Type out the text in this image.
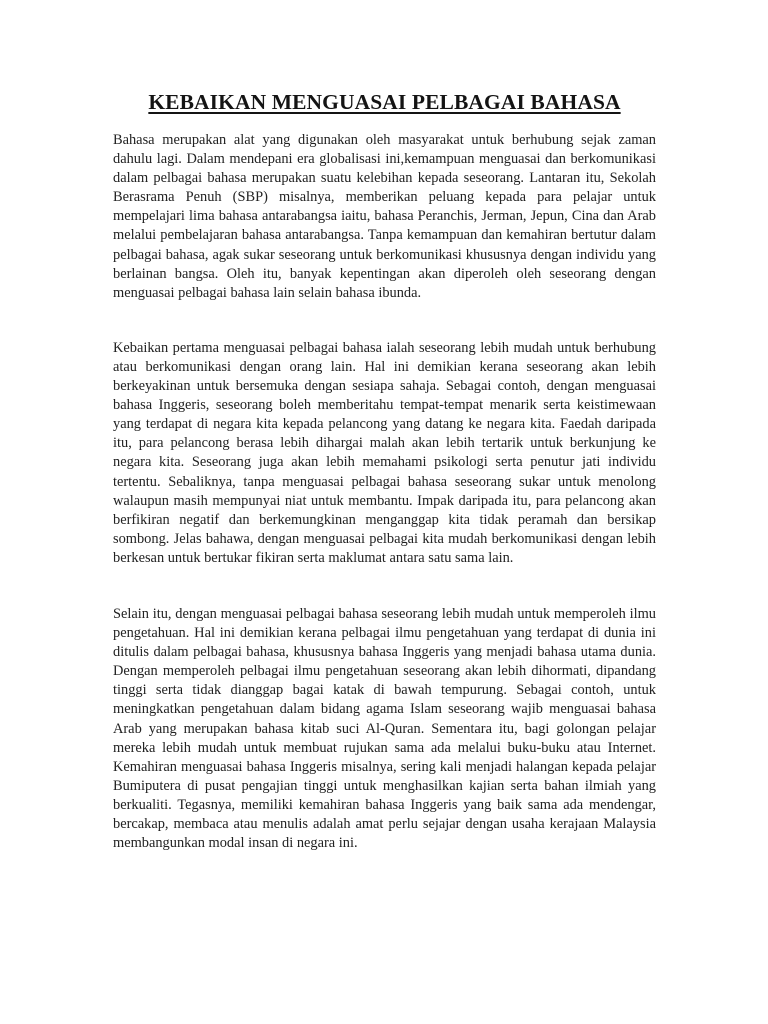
KEBAIKAN MENGUASAI PELBAGAI BAHASA

Bahasa merupakan alat yang digunakan oleh masyarakat untuk berhubung sejak zaman dahulu lagi. Dalam mendepani era globalisasi ini,kemampuan menguasai dan berkomunikasi dalam pelbagai bahasa merupakan suatu kelebihan kepada seseorang. Lantaran itu, Sekolah Berasrama Penuh (SBP) misalnya, memberikan peluang kepada para pelajar untuk mempelajari lima bahasa antarabangsa iaitu, bahasa Peranchis, Jerman, Jepun, Cina dan Arab melalui pembelajaran bahasa antarabangsa. Tanpa kemampuan dan kemahiran bertutur dalam pelbagai bahasa, agak sukar seseorang untuk berkomunikasi khususnya dengan individu yang berlainan bangsa. Oleh itu, banyak kepentingan akan diperoleh oleh seseorang dengan menguasai pelbagai bahasa lain selain bahasa ibunda.

Kebaikan pertama menguasai pelbagai bahasa ialah seseorang lebih mudah untuk berhubung atau berkomunikasi dengan orang lain. Hal ini demikian kerana seseorang akan lebih berkeyakinan untuk bersemuka dengan sesiapa sahaja. Sebagai contoh, dengan menguasai bahasa Inggeris, seseorang boleh memberitahu tempat-tempat menarik serta keistimewaan yang terdapat di negara kita kepada pelancong yang datang ke negara kita. Faedah daripada itu, para pelancong berasa lebih dihargai malah akan lebih tertarik untuk berkunjung ke negara kita. Seseorang juga akan lebih memahami psikologi serta penutur jati individu tertentu. Sebaliknya, tanpa menguasai pelbagai bahasa seseorang sukar untuk menolong walaupun masih mempunyai niat untuk membantu. Impak daripada itu, para pelancong akan berfikiran negatif dan berkemungkinan menganggap kita tidak peramah dan bersikap sombong. Jelas bahawa, dengan menguasai pelbagai kita mudah berkomunikasi dengan lebih berkesan untuk bertukar fikiran serta maklumat antara satu sama lain.

Selain itu, dengan menguasai pelbagai bahasa seseorang lebih mudah untuk memperoleh ilmu pengetahuan. Hal ini demikian kerana pelbagai ilmu pengetahuan yang terdapat di dunia ini ditulis dalam pelbagai bahasa, khususnya bahasa Inggeris yang menjadi bahasa utama dunia. Dengan memperoleh pelbagai ilmu pengetahuan seseorang akan lebih dihormati, dipandang tinggi serta tidak dianggap bagai katak di bawah tempurung. Sebagai contoh, untuk meningkatkan pengetahuan dalam bidang agama Islam seseorang wajib menguasai bahasa Arab yang merupakan bahasa kitab suci Al-Quran. Sementara itu, bagi golongan pelajar mereka lebih mudah untuk membuat rujukan sama ada melalui buku-buku atau Internet. Kemahiran menguasai bahasa Inggeris misalnya, sering kali menjadi halangan kepada pelajar Bumiputera di pusat pengajian tinggi untuk menghasilkan kajian serta bahan ilmiah yang berkualiti. Tegasnya, memiliki kemahiran bahasa Inggeris yang baik sama ada mendengar, bercakap, membaca atau menulis adalah amat perlu sejajar dengan usaha kerajaan Malaysia membangunkan modal insan di negara ini.
